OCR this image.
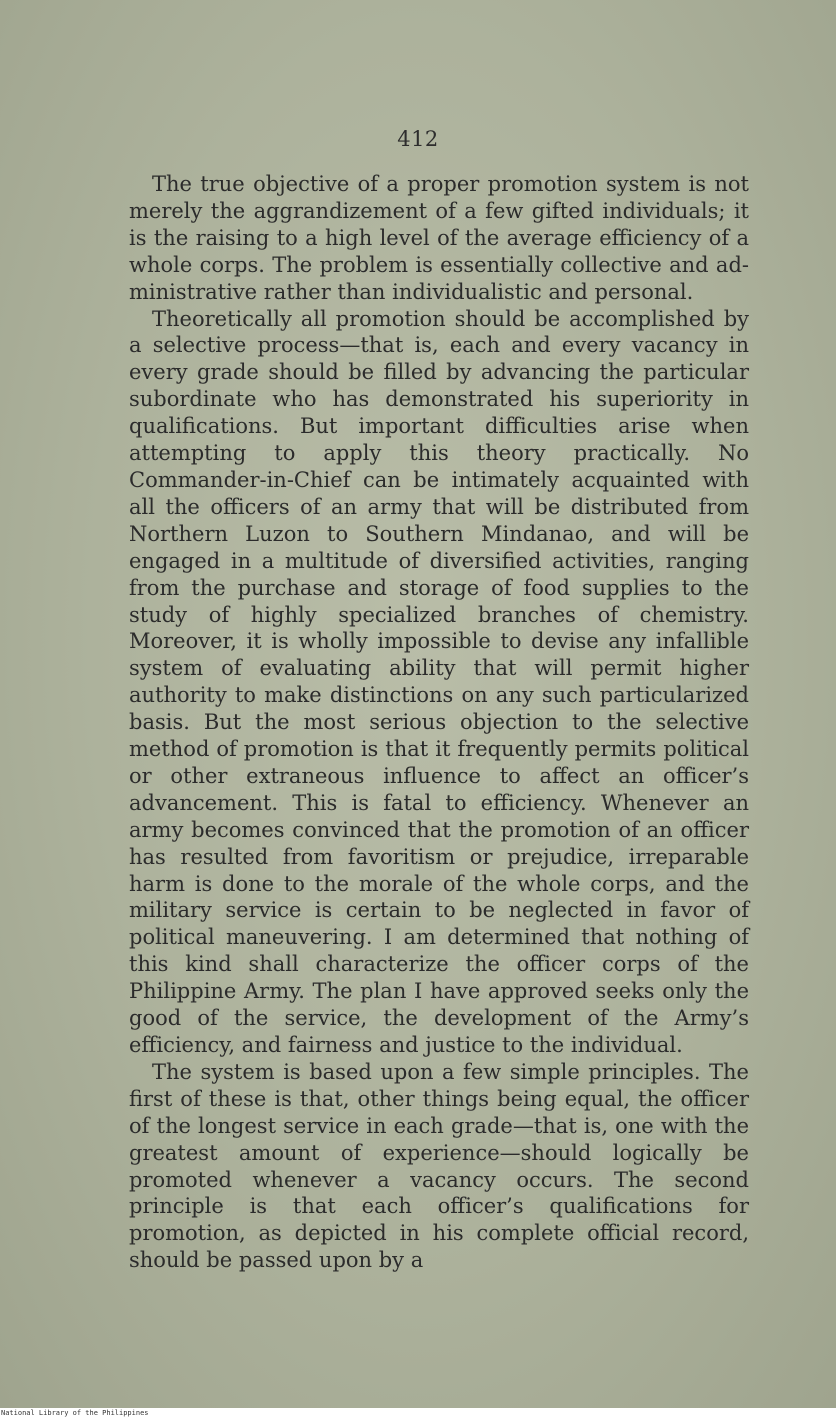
412

The true objective of a proper promotion system is not merely the aggrandizement of a few gifted individuals; it is the raising to a high level of the average efficiency of a whole corps. The problem is essentially collective and administrative rather than individualistic and personal.

Theoretically all promotion should be accomplished by a selective process—that is, each and every vacancy in every grade should be filled by advancing the particular subordinate who has demonstrated his superiority in qualifications. But important difficulties arise when attempting to apply this theory practically. No Commander-in-Chief can be intimately acquainted with all the officers of an army that will be distributed from Northern Luzon to Southern Mindanao, and will be engaged in a multitude of diversified activities, ranging from the purchase and storage of food supplies to the study of highly specialized branches of chemistry. Moreover, it is wholly impossible to devise any infallible system of evaluating ability that will permit higher authority to make distinctions on any such particularized basis. But the most serious objection to the selective method of promotion is that it frequently permits political or other extraneous influence to affect an officer’s advancement. This is fatal to efficiency. Whenever an army becomes convinced that the promotion of an officer has resulted from favoritism or prejudice, irreparable harm is done to the morale of the whole corps, and the military service is certain to be neglected in favor of political maneuvering. I am determined that nothing of this kind shall characterize the officer corps of the Philippine Army. The plan I have approved seeks only the good of the service, the development of the Army’s efficiency, and fairness and justice to the individual.

The system is based upon a few simple principles. The first of these is that, other things being equal, the officer of the longest service in each grade—that is, one with the greatest amount of experience—should logically be promoted whenever a vacancy occurs. The second principle is that each officer’s qualifications for promotion, as depicted in his complete official record, should be passed upon by a

National Library of the Philippines
